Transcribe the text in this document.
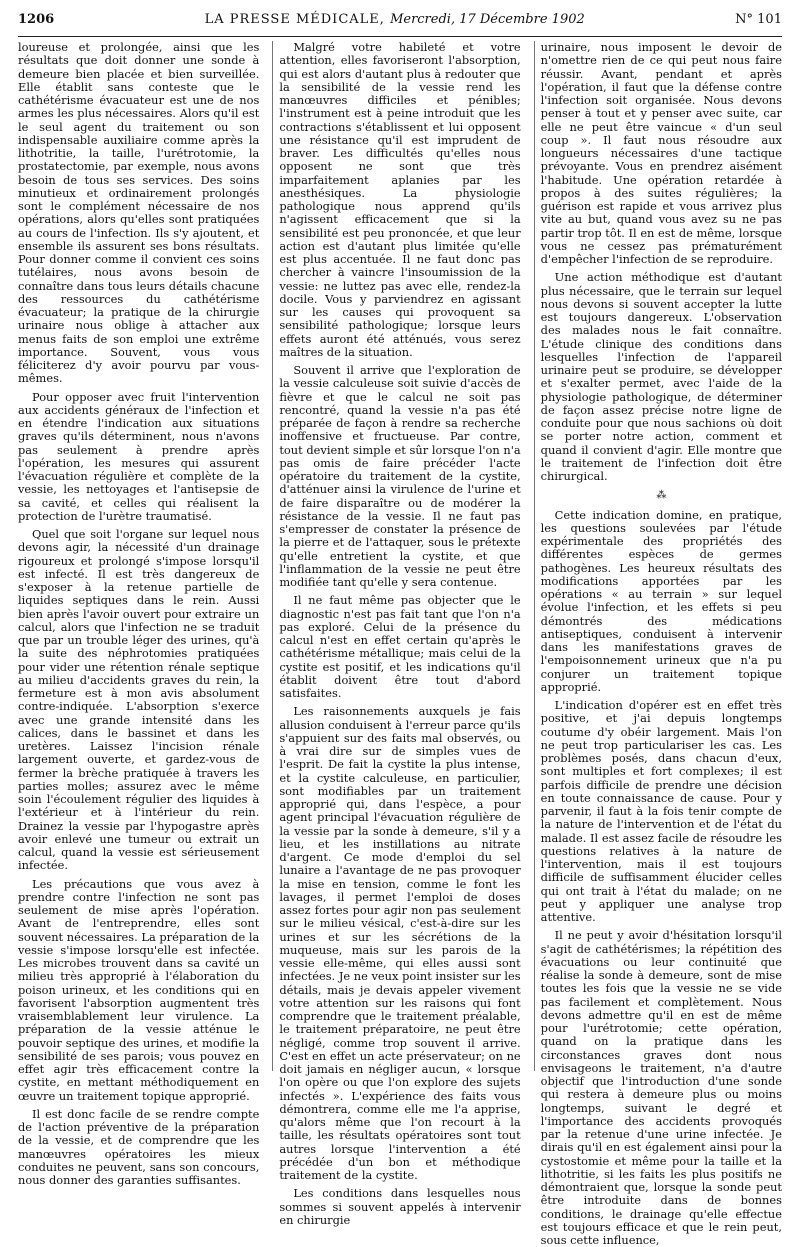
1206	LA PRESSE MÉDICALE, Mercredi, 17 Décembre 1902	N° 101

loureuse et prolongée, ainsi que les résultats que doit donner une sonde à demeure bien placée et bien surveillée. Elle établit sans conteste que le cathétérisme évacuateur est une de nos armes les plus nécessaires. Alors qu'il est le seul agent du traitement ou son indispensable auxiliaire comme après la lithotritie, la taille, l'urétrotomie, la prostatectomie, par exemple, nous avons besoin de tous ses services. Des soins minutieux et ordinairement prolongés sont le complément nécessaire de nos opérations, alors qu'elles sont pratiquées au cours de l'infection. Ils s'y ajoutent, et ensemble ils assurent ses bons résultats. Pour donner comme il convient ces soins tutélaires, nous avons besoin de connaître dans tous leurs détails chacune des ressources du cathétérisme évacuateur; la pratique de la chirurgie urinaire nous oblige à attacher aux menus faits de son emploi une extrême importance. Souvent, vous vous féliciterez d'y avoir pourvu par vous-mêmes.

Pour opposer avec fruit l'intervention aux accidents généraux de l'infection et en étendre l'indication aux situations graves qu'ils déterminent, nous n'avons pas seulement à prendre après l'opération, les mesures qui assurent l'évacuation régulière et complète de la vessie, les nettoyages et l'antisepsie de sa cavité, et celles qui réalisent la protection de l'urètre traumatisé.

Quel que soit l'organe sur lequel nous devons agir, la nécessité d'un drainage rigoureux et prolongé s'impose lorsqu'il est infecté. Il est très dangereux de s'exposer à la retenue partielle de liquides septiques dans le rein. Aussi bien après l'avoir ouvert pour extraire un calcul, alors que l'infection ne se traduit que par un trouble léger des urines, qu'à la suite des néphrotomies pratiquées pour vider une rétention rénale septique au milieu d'accidents graves du rein, la fermeture est à mon avis absolument contre-indiquée. L'absorption s'exerce avec une grande intensité dans les calices, dans le bassinet et dans les uretères. Laissez l'incision rénale largement ouverte, et gardez-vous de fermer la brèche pratiquée à travers les parties molles; assurez avec le même soin l'écoulement régulier des liquides à l'extérieur et à l'intérieur du rein. Drainez la vessie par l'hypogastre après avoir enlevé une tumeur ou extrait un calcul, quand la vessie est sérieusement infectée.

Les précautions que vous avez à prendre contre l'infection ne sont pas seulement de mise après l'opération. Avant de l'entreprendre, elles sont souvent nécessaires. La préparation de la vessie s'impose lorsqu'elle est infectée. Les microbes trouvent dans sa cavité un milieu très approprié à l'élaboration du poison urineux, et les conditions qui en favorisent l'absorption augmentent très vraisemblablement leur virulence. La préparation de la vessie atténue le pouvoir septique des urines, et modifie la sensibilité de ses parois; vous pouvez en effet agir très efficacement contre la cystite, en mettant méthodiquement en œuvre un traitement topique approprié.

Il est donc facile de se rendre compte de l'action préventive de la préparation de la vessie, et de comprendre que les manœuvres opératoires les mieux conduites ne peuvent, sans son concours, nous donner des garanties suffisantes.

Malgré votre habileté et votre attention, elles favoriseront l'absorption, qui est alors d'autant plus à redouter que la sensibilité de la vessie rend les manœuvres difficiles et pénibles; l'instrument est à peine introduit que les contractions s'établissent et lui opposent une résistance qu'il est imprudent de braver. Les difficultés qu'elles nous opposent ne sont que très imparfaitement aplanies par les anesthésiques. La physiologie pathologique nous apprend qu'ils n'agissent efficacement que si la sensibilité est peu prononcée, et que leur action est d'autant plus limitée qu'elle est plus accentuée. Il ne faut donc pas chercher à vaincre l'insoumission de la vessie: ne luttez pas avec elle, rendez-la docile. Vous y parviendrez en agissant sur les causes qui provoquent sa sensibilité pathologique; lorsque leurs effets auront été atténués, vous serez maîtres de la situation.

Souvent il arrive que l'exploration de la vessie calculeuse soit suivie d'accès de fièvre et que le calcul ne soit pas rencontré, quand la vessie n'a pas été préparée de façon à rendre sa recherche inoffensive et fructueuse. Par contre, tout devient simple et sûr lorsque l'on n'a pas omis de faire précéder l'acte opératoire du traitement de la cystite, d'atténuer ainsi la virulence de l'urine et de faire disparaître ou de modérer la résistance de la vessie. Il ne faut pas s'empresser de constater la présence de la pierre et de l'attaquer, sous le prétexte qu'elle entretient la cystite, et que l'inflammation de la vessie ne peut être modifiée tant qu'elle y sera contenue.

Il ne faut même pas objecter que le diagnostic n'est pas fait tant que l'on n'a pas exploré. Celui de la présence du calcul n'est en effet certain qu'après le cathétérisme métallique; mais celui de la cystite est positif, et les indications qu'il établit doivent être tout d'abord satisfaites.

Les raisonnements auxquels je fais allusion conduisent à l'erreur parce qu'ils s'appuient sur des faits mal observés, ou à vrai dire sur de simples vues de l'esprit. De fait la cystite la plus intense, et la cystite calculeuse, en particulier, sont modifiables par un traitement approprié qui, dans l'espèce, a pour agent principal l'évacuation régulière de la vessie par la sonde à demeure, s'il y a lieu, et les instillations au nitrate d'argent. Ce mode d'emploi du sel lunaire a l'avantage de ne pas provoquer la mise en tension, comme le font les lavages, il permet l'emploi de doses assez fortes pour agir non pas seulement sur le milieu vésical, c'est-à-dire sur les urines et sur les sécrétions de la muqueuse, mais sur les parois de la vessie elle-même, qui elles aussi sont infectées. Je ne veux point insister sur les détails, mais je devais appeler vivement votre attention sur les raisons qui font comprendre que le traitement préalable, le traitement préparatoire, ne peut être négligé, comme trop souvent il arrive. C'est en effet un acte préservateur; on ne doit jamais en négliger aucun, « lorsque l'on opère ou que l'on explore des sujets infectés ». L'expérience des faits vous démontrera, comme elle me l'a apprise, qu'alors même que l'on recourt à la taille, les résultats opératoires sont tout autres lorsque l'intervention a été précédée d'un bon et méthodique traitement de la cystite.

Les conditions dans lesquelles nous sommes si souvent appelés à intervenir en chirurgie

urinaire, nous imposent le devoir de n'omettre rien de ce qui peut nous faire réussir. Avant, pendant et après l'opération, il faut que la défense contre l'infection soit organisée. Nous devons penser à tout et y penser avec suite, car elle ne peut être vaincue « d'un seul coup ». Il faut nous résoudre aux longueurs nécessaires d'une tactique prévoyante. Vous en prendrez aisément l'habitude. Une opération retardée à propos à des suites régulières; la guérison est rapide et vous arrivez plus vite au but, quand vous avez su ne pas partir trop tôt. Il en est de même, lorsque vous ne cessez pas prématurément d'empêcher l'infection de se reproduire.

Une action méthodique est d'autant plus nécessaire, que le terrain sur lequel nous devons si souvent accepter la lutte est toujours dangereux. L'observation des malades nous le fait connaître. L'étude clinique des conditions dans lesquelles l'infection de l'appareil urinaire peut se produire, se développer et s'exalter permet, avec l'aide de la physiologie pathologique, de déterminer de façon assez précise notre ligne de conduite pour que nous sachions où doit se porter notre action, comment et quand il convient d'agir. Elle montre que le traitement de l'infection doit être chirurgical.

⁂

Cette indication domine, en pratique, les questions soulevées par l'étude expérimentale des propriétés des différentes espèces de germes pathogènes. Les heureux résultats des modifications apportées par les opérations « au terrain » sur lequel évolue l'infection, et les effets si peu démontrés des médications antiseptiques, conduisent à intervenir dans les manifestations graves de l'empoisonnement urineux que n'a pu conjurer un traitement topique approprié.

L'indication d'opérer est en effet très positive, et j'ai depuis longtemps coutume d'y obéir largement. Mais l'on ne peut trop particulariser les cas. Les problèmes posés, dans chacun d'eux, sont multiples et fort complexes; il est parfois difficile de prendre une décision en toute connaissance de cause. Pour y parvenir, il faut à la fois tenir compte de la nature de l'intervention et de l'état du malade. Il est assez facile de résoudre les questions relatives à la nature de l'intervention, mais il est toujours difficile de suffisamment élucider celles qui ont trait à l'état du malade; on ne peut y appliquer une analyse trop attentive.

Il ne peut y avoir d'hésitation lorsqu'il s'agit de cathétérismes; la répétition des évacuations ou leur continuité que réalise la sonde à demeure, sont de mise toutes les fois que la vessie ne se vide pas facilement et complètement. Nous devons admettre qu'il en est de même pour l'urétrotomie; cette opération, quand on la pratique dans les circonstances graves dont nous envisageons le traitement, n'a d'autre objectif que l'introduction d'une sonde qui restera à demeure plus ou moins longtemps, suivant le degré et l'importance des accidents provoqués par la retenue d'une urine infectée. Je dirais qu'il en est également ainsi pour la cystostomie et même pour la taille et la lithotritie, si les faits les plus positifs ne démontraient que, lorsque la sonde peut être introduite dans de bonnes conditions, le drainage qu'elle effectue est toujours efficace et que le rein peut, sous cette influence,
